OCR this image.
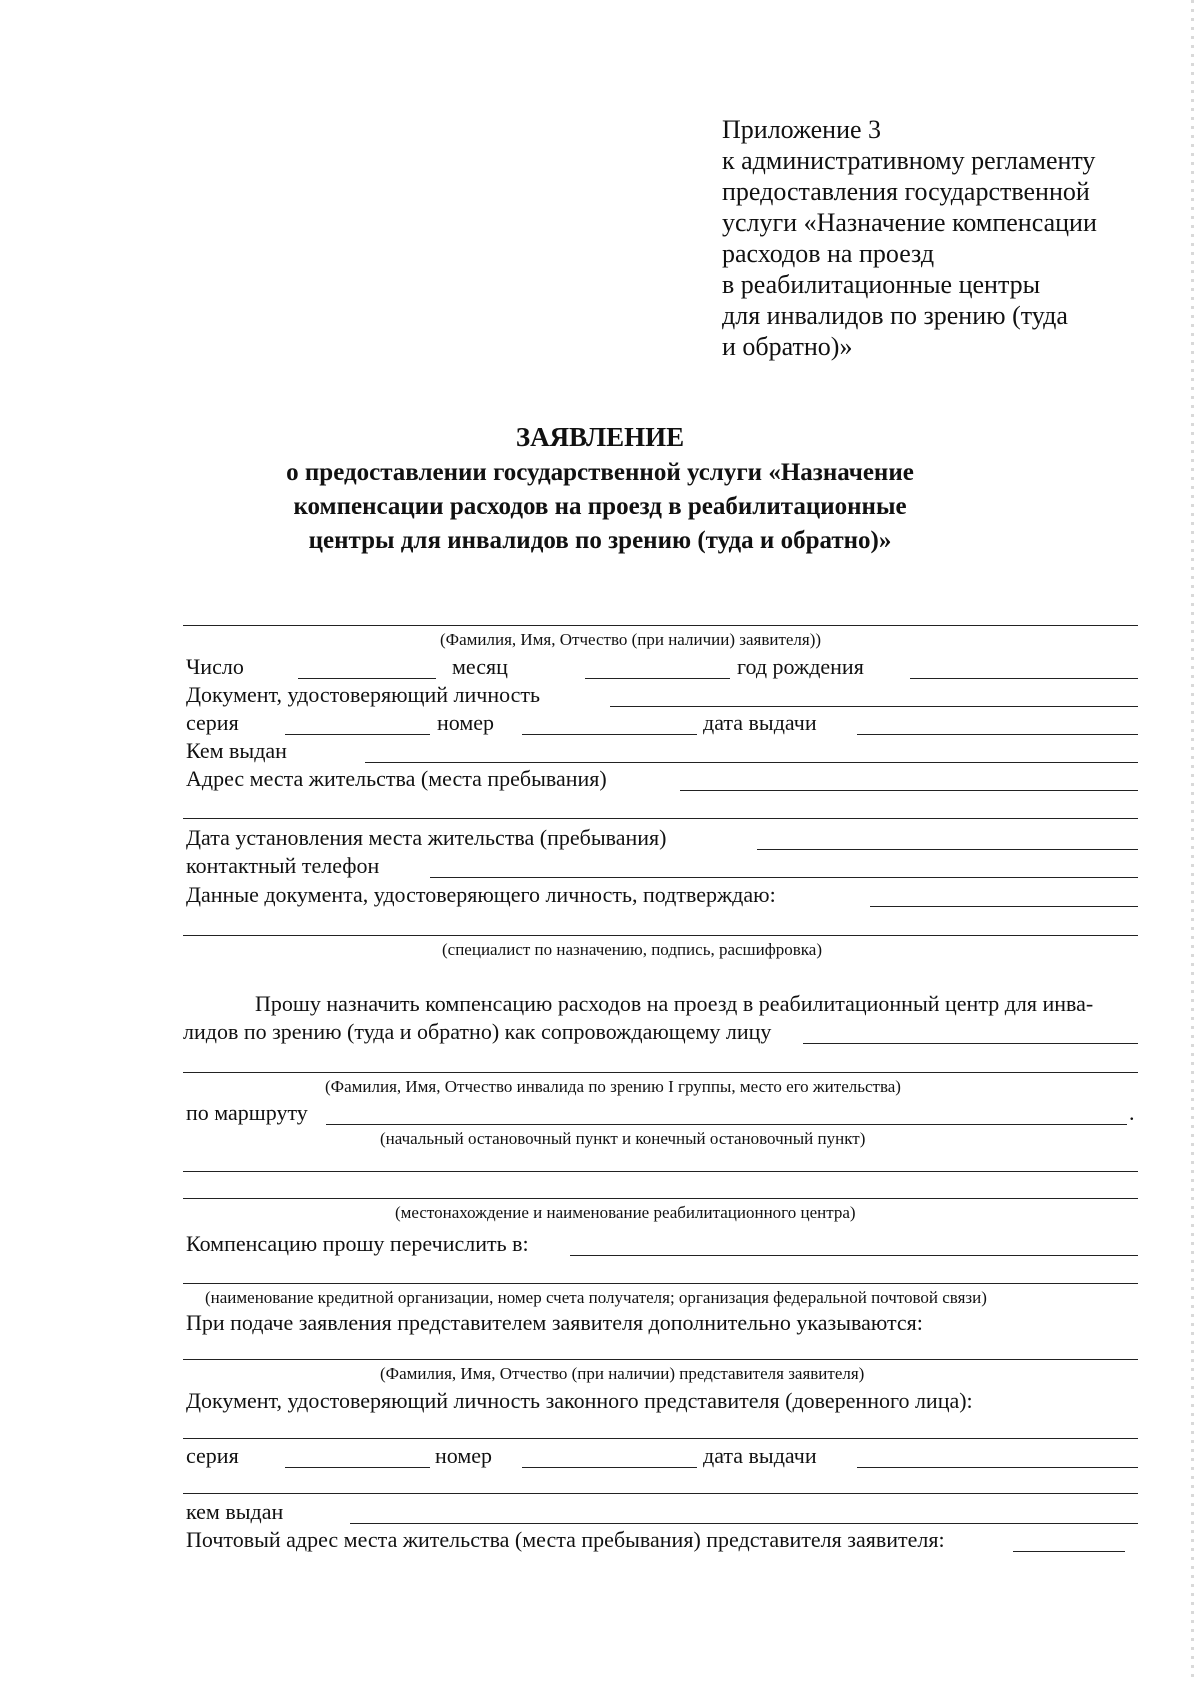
Приложение 3
к административному регламенту
предоставления государственной
услуги «Назначение компенсации
расходов на проезд
в реабилитационные центры
для инвалидов по зрению (туда
и обратно)»
ЗАЯВЛЕНИЕ
о предоставлении государственной услуги «Назначение
компенсации расходов на проезд в реабилитационные
центры для инвалидов по зрению (туда и обратно)»
(Фамилия, Имя, Отчество (при наличии) заявителя))
Число	месяц	год рождения
Документ, удостоверяющий личность
серия	номер	дата выдачи
Кем выдан
Адрес места жительства (места пребывания)
Дата установления места жительства (пребывания)
контактный телефон
Данные документа, удостоверяющего личность, подтверждаю:
(специалист по назначению, подпись, расшифровка)
Прошу назначить компенсацию расходов на проезд в реабилитационный центр для инва-
лидов по зрению (туда и обратно) как сопровождающему лицу
(Фамилия, Имя, Отчество инвалида по зрению I группы, место его жительства)
по маршруту	.
(начальный остановочный пункт и конечный остановочный пункт)
(местонахождение и наименование реабилитационного центра)
Компенсацию прошу перечислить в:
(наименование кредитной организации, номер счета получателя; организация федеральной почтовой связи)
При подаче заявления представителем заявителя дополнительно указываются:
(Фамилия, Имя, Отчество (при наличии) представителя заявителя)
Документ, удостоверяющий личность законного представителя (доверенного лица):
серия	номер	дата выдачи
кем выдан
Почтовый адрес места жительства (места пребывания) представителя заявителя:
